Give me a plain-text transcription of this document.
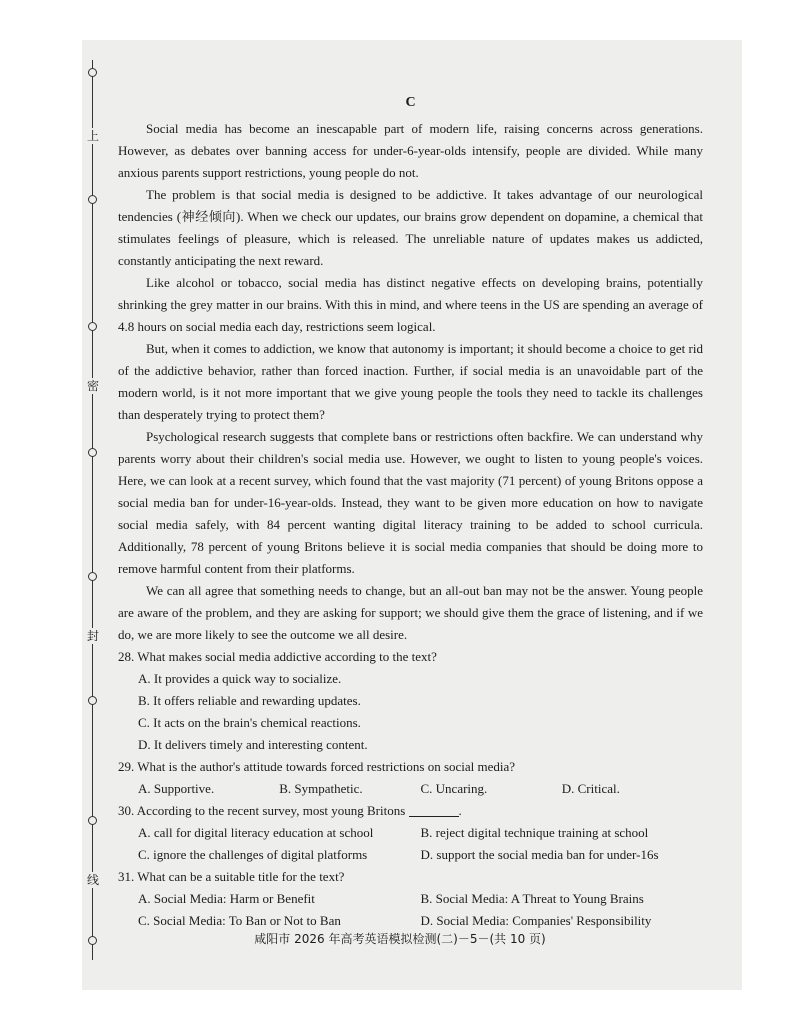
上
密
封
线
C

Social media has become an inescapable part of modern life, raising concerns across generations. However, as debates over banning access for under-6-year-olds intensify, people are divided. While many anxious parents support restrictions, young people do not.

The problem is that social media is designed to be addictive. It takes advantage of our neurological tendencies (神经倾向). When we check our updates, our brains grow dependent on dopamine, a chemical that stimulates feelings of pleasure, which is released. The unreliable nature of updates makes us addicted, constantly anticipating the next reward.

Like alcohol or tobacco, social media has distinct negative effects on developing brains, potentially shrinking the grey matter in our brains. With this in mind, and where teens in the US are spending an average of 4.8 hours on social media each day, restrictions seem logical.

But, when it comes to addiction, we know that autonomy is important; it should become a choice to get rid of the addictive behavior, rather than forced inaction. Further, if social media is an unavoidable part of the modern world, is it not more important that we give young people the tools they need to tackle its challenges than desperately trying to protect them?

Psychological research suggests that complete bans or restrictions often backfire. We can understand why parents worry about their children's social media use. However, we ought to listen to young people's voices. Here, we can look at a recent survey, which found that the vast majority (71 percent) of young Britons oppose a social media ban for under-16-year-olds. Instead, they want to be given more education on how to navigate social media safely, with 84 percent wanting digital literacy training to be added to school curricula. Additionally, 78 percent of young Britons believe it is social media companies that should be doing more to remove harmful content from their platforms.

We can all agree that something needs to change, but an all-out ban may not be the answer. Young people are aware of the problem, and they are asking for support; we should give them the grace of listening, and if we do, we are more likely to see the outcome we all desire.

28. What makes social media addictive according to the text?
A. It provides a quick way to socialize.
B. It offers reliable and rewarding updates.
C. It acts on the brain's chemical reactions.
D. It delivers timely and interesting content.
29. What is the author's attitude towards forced restrictions on social media?
A. Supportive.	B. Sympathetic.	C. Uncaring.	D. Critical.
30. According to the recent survey, most young Britons	.
A. call for digital literacy education at school	B. reject digital technique training at school
C. ignore the challenges of digital platforms	D. support the social media ban for under-16s
31. What can be a suitable title for the text?
A. Social Media: Harm or Benefit	B. Social Media: A Threat to Young Brains
C. Social Media: To Ban or Not to Ban	D. Social Media: Companies' Responsibility
咸阳市 2026 年高考英语模拟检测(二)－5－(共 10 页)
